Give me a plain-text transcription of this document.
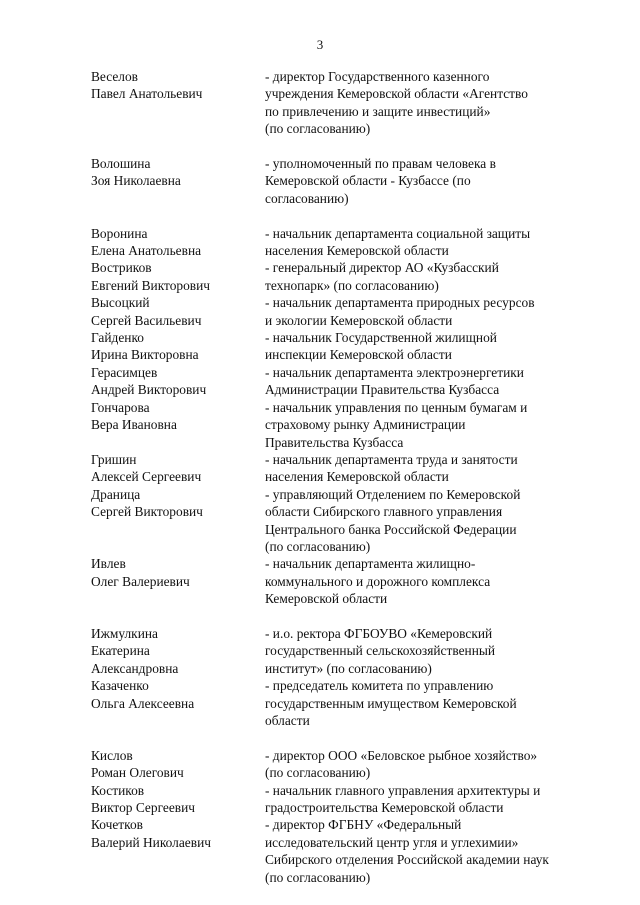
3
Веселов
Павел Анатольевич
- директор Государственного казенного
учреждения Кемеровской области «Агентство
по привлечению и защите инвестиций»
(по согласованию)
Волошина
Зоя Николаевна
- уполномоченный по правам человека в
Кемеровской области - Кузбассе (по
согласованию)
Воронина
Елена Анатольевна
- начальник департамента социальной защиты
населения Кемеровской области
Востриков
Евгений Викторович
- генеральный директор АО «Кузбасский
технопарк» (по согласованию)
Высоцкий
Сергей Васильевич
- начальник департамента природных ресурсов
и экологии Кемеровской области
Гайденко
Ирина Викторовна
- начальник Государственной жилищной
инспекции Кемеровской области
Герасимцев
Андрей Викторович
- начальник департамента электроэнергетики
Администрации Правительства Кузбасса
Гончарова
Вера Ивановна
- начальник управления по ценным бумагам и
страховому рынку Администрации
Правительства Кузбасса
Гришин
Алексей Сергеевич
- начальник департамента труда и занятости
населения Кемеровской области
Драница
Сергей Викторович
- управляющий Отделением по Кемеровской
области Сибирского главного управления
Центрального банка Российской Федерации
(по согласованию)
Ивлев
Олег Валериевич
- начальник департамента жилищно-
коммунального и дорожного комплекса
Кемеровской области
Ижмулкина
Екатерина
Александровна
- и.о. ректора ФГБОУВО «Кемеровский
государственный сельскохозяйственный
институт» (по согласованию)
Казаченко
Ольга Алексеевна
- председатель комитета по управлению
государственным имуществом Кемеровской
области
Кислов
Роман Олегович
- директор ООО «Беловское рыбное хозяйство»
(по согласованию)
Костиков
Виктор Сергеевич
- начальник главного управления архитектуры и
градостроительства Кемеровской области
Кочетков
Валерий Николаевич
- директор ФГБНУ «Федеральный
исследовательский центр угля и углехимии»
Сибирского отделения Российской академии наук
(по согласованию)
